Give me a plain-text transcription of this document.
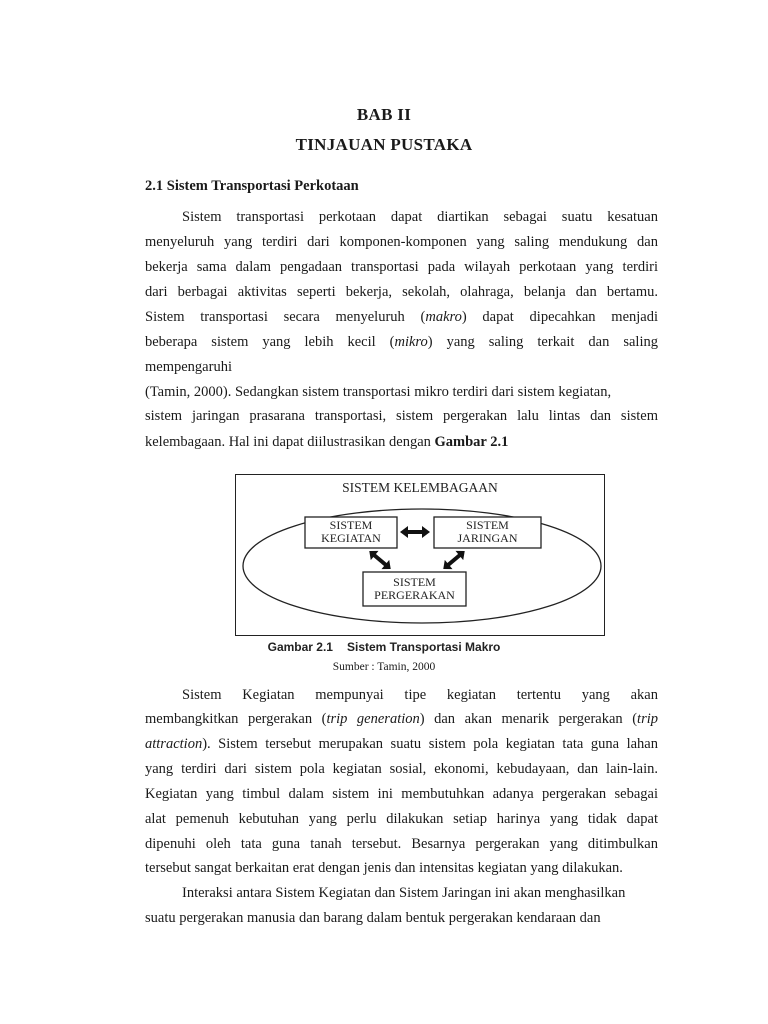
BAB II
TINJAUAN PUSTAKA
2.1 Sistem Transportasi Perkotaan
Sistem transportasi perkotaan dapat diartikan sebagai suatu kesatuan
menyeluruh yang terdiri dari komponen-komponen yang saling mendukung dan
bekerja sama dalam pengadaan transportasi pada wilayah perkotaan yang terdiri
dari berbagai aktivitas seperti bekerja, sekolah, olahraga, belanja dan bertamu.
Sistem transportasi secara menyeluruh (makro) dapat dipecahkan menjadi
beberapa sistem yang lebih kecil (mikro) yang saling terkait dan saling
mempengaruhi
(Tamin, 2000). Sedangkan sistem transportasi mikro terdiri dari sistem kegiatan,
sistem jaringan prasarana transportasi, sistem pergerakan lalu lintas dan sistem
kelembagaan. Hal ini dapat diilustrasikan dengan Gambar 2.1
SISTEM KELEMBAGAAN
SISTEM
KEGIATAN
SISTEM
JARINGAN
SISTEM
PERGERAKAN
Gambar 2.1 Sistem Transportasi Makro
Sumber : Tamin, 2000
Sistem Kegiatan mempunyai tipe kegiatan tertentu yang akan
membangkitkan pergerakan (trip generation) dan akan menarik pergerakan (trip
attraction). Sistem tersebut merupakan suatu sistem pola kegiatan tata guna lahan
yang terdiri dari sistem pola kegiatan sosial, ekonomi, kebudayaan, dan lain-lain.
Kegiatan yang timbul dalam sistem ini membutuhkan adanya pergerakan sebagai
alat pemenuh kebutuhan yang perlu dilakukan setiap harinya yang tidak dapat
dipenuhi oleh tata guna tanah tersebut. Besarnya pergerakan yang ditimbulkan
tersebut sangat berkaitan erat dengan jenis dan intensitas kegiatan yang dilakukan.
Interaksi antara Sistem Kegiatan dan Sistem Jaringan ini akan menghasilkan
suatu pergerakan manusia dan barang dalam bentuk pergerakan kendaraan dan
